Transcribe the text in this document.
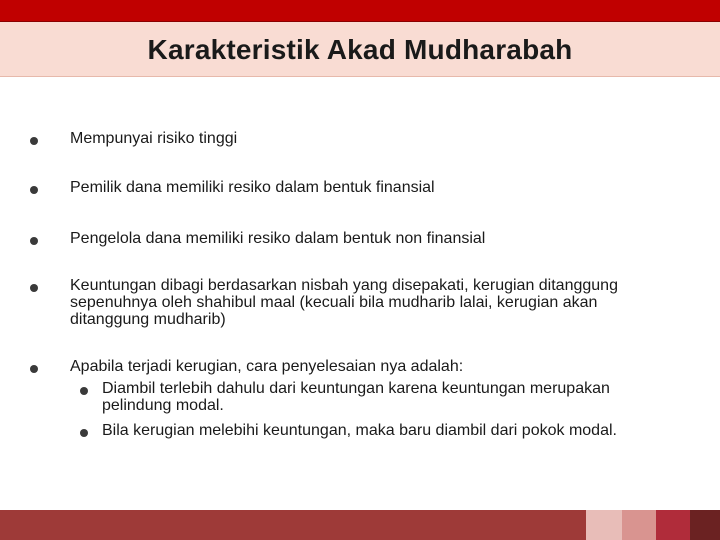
Karakteristik Akad Mudharabah
Mempunyai risiko tinggi
Pemilik dana memiliki resiko dalam bentuk finansial
Pengelola dana memiliki resiko dalam bentuk non finansial
Keuntungan dibagi berdasarkan nisbah yang disepakati, kerugian ditanggung sepenuhnya oleh shahibul maal (kecuali bila mudharib lalai, kerugian akan ditanggung mudharib)
Apabila terjadi kerugian, cara penyelesaian nya adalah:
Diambil terlebih dahulu dari keuntungan karena keuntungan merupakan pelindung modal.
Bila kerugian melebihi keuntungan, maka baru diambil dari pokok modal.
